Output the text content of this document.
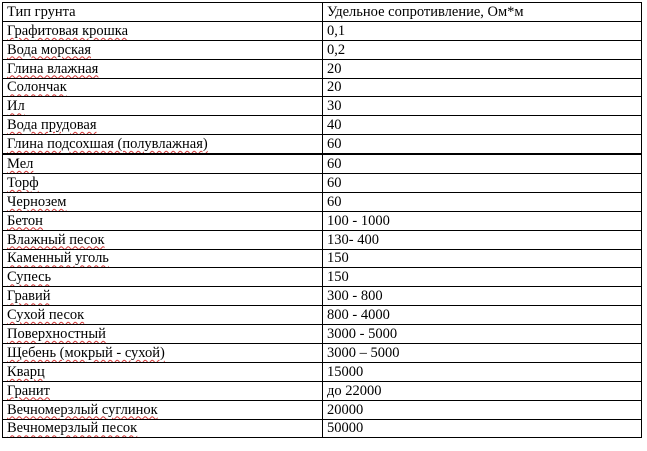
Тип грунта	Удельное сопротивление, Ом*м
Графитовая крошка	0,1
Вода морская	0,2
Глина влажная	20
Солончак	20
Ил	30
Вода прудовая	40
Глина подсохшая (полувлажная)	60
Мел	60
Торф	60
Чернозем	60
Бетон	100 - 1000
Влажный песок	130- 400
Каменный уголь	150
Супесь	150
Гравий	300 - 800
Сухой песок	800 - 4000
Поверхностный	3000 - 5000
Щебень (мокрый - сухой)	3000 – 5000
Кварц	15000
Гранит	до 22000
Вечномерзлый суглинок	20000
Вечномерзлый песок	50000
